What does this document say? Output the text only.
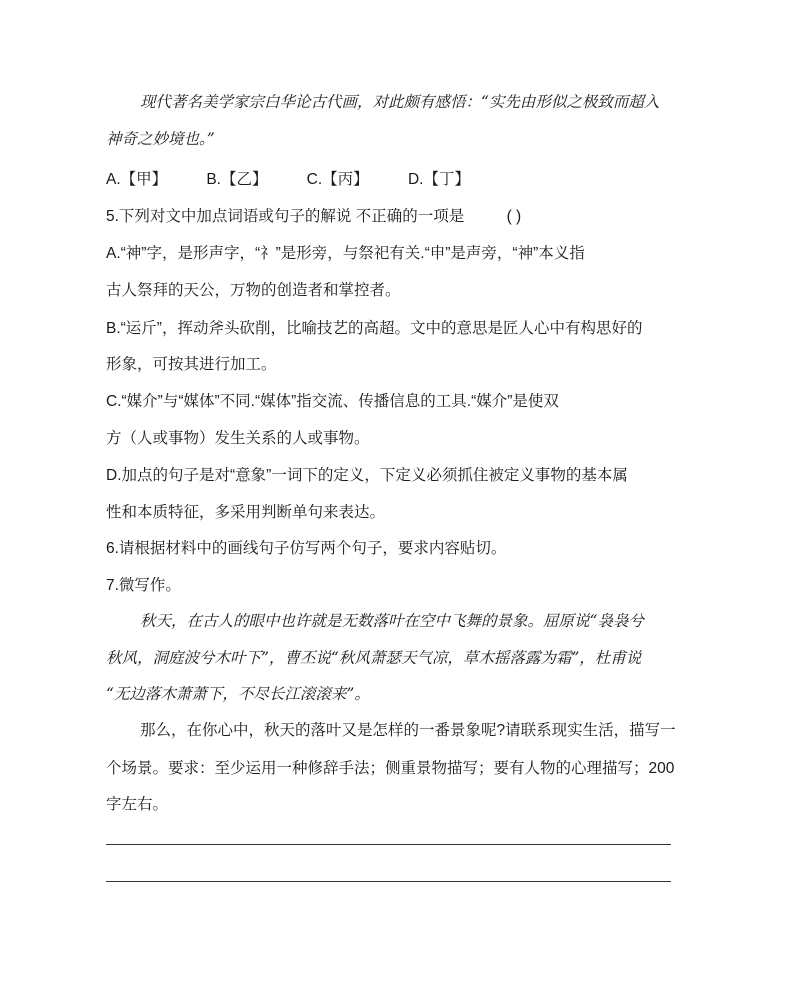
现代著名美学家宗白华论古代画，对此颇有感悟：“实先由形似之极致而超入
神奇之妙境也。”
A.【甲】	B.【乙】	C.【丙】	D.【丁】
5.下列对文中加点词语或句子的解说 不正确的一项是	( )
A.“神”字，是形声字，“礻”是形旁，与祭祀有关.“申”是声旁，“神”本义指
古人祭拜的天公，万物的创造者和掌控者。
B.“运斤”，挥动斧头砍削，比喻技艺的高超。文中的意思是匠人心中有构思好的
形象，可按其进行加工。
C.“媒介”与“媒体”不同.“媒体”指交流、传播信息的工具.“媒介”是使双
方（人或事物）发生关系的人或事物。
D.加点的句子是对“意象”一词下的定义，下定义必须抓住被定义事物的基本属
性和本质特征，多采用判断单句来表达。
6.请根据材料中的画线句子仿写两个句子，要求内容贴切。
7.微写作。
秋天，在古人的眼中也许就是无数落叶在空中飞舞的景象。屈原说“袅袅兮
秋风，洞庭波兮木叶下”，曹丕说“秋风萧瑟天气凉，草木摇落露为霜”，杜甫说
“无边落木萧萧下，不尽长江滚滚来”。
那么，在你心中，秋天的落叶又是怎样的一番景象呢?请联系现实生活，描写一
个场景。要求：至少运用一种修辞手法；侧重景物描写；要有人物的心理描写；200
字左右。
